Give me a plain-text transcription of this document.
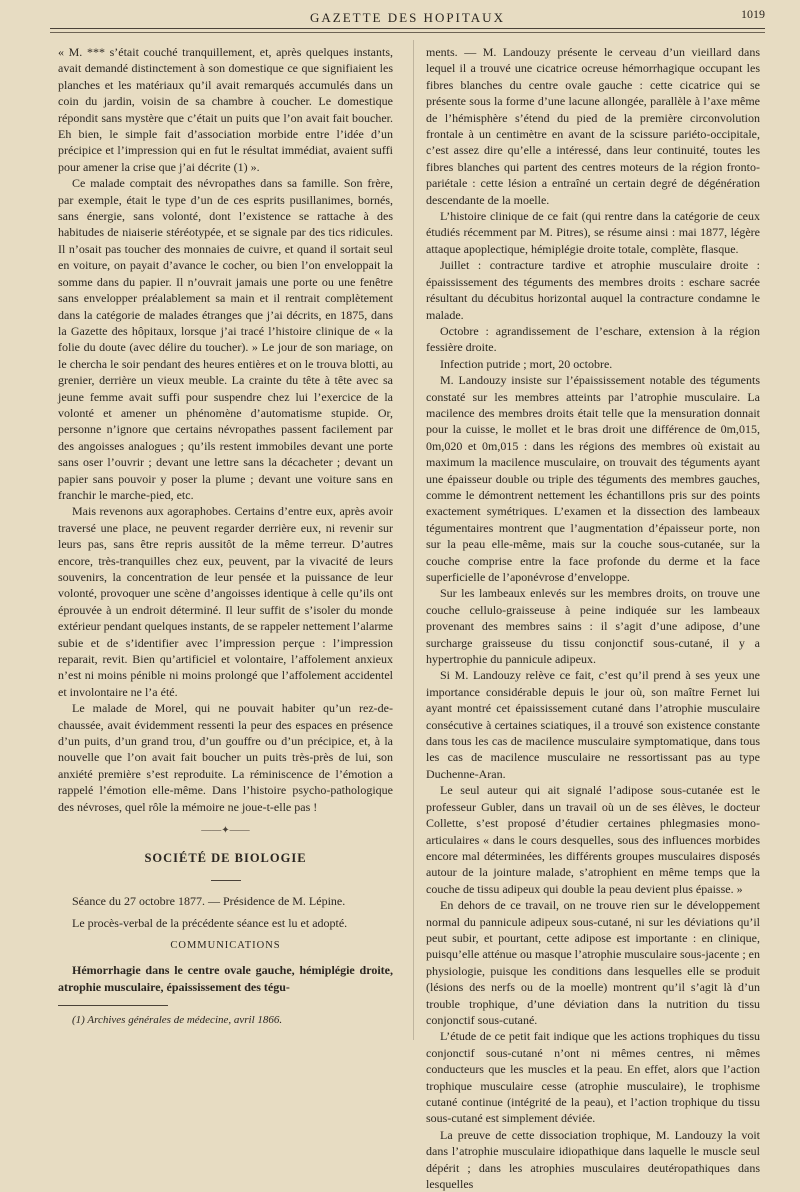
GAZETTE DES HOPITAUX	1019

« M. *** s’était couché tranquillement, et, après quelques instants, avait demandé distinctement à son domestique ce que signifiaient les planches et les matériaux qu’il avait remarqués accumulés dans un coin du jardin, voisin de sa chambre à coucher. Le domestique répondit sans mystère que c’était un puits que l’on avait fait boucher. Eh bien, le simple fait d’association morbide entre l’idée d’un précipice et l’impression qui en fut le résultat immédiat, avaient suffi pour amener la crise que j’ai décrite (1) ».

Ce malade comptait des névropathes dans sa famille. Son frère, par exemple, était le type d’un de ces esprits pusillanimes, bornés, sans énergie, sans volonté, dont l’existence se rattache à des habitudes de niaiserie stéréotypée, et se signale par des tics ridicules. Il n’osait pas toucher des monnaies de cuivre, et quand il sortait seul en voiture, on payait d’avance le cocher, ou bien l’on enveloppait la somme dans du papier. Il n’ouvrait jamais une porte ou une fenêtre sans envelopper préalablement sa main et il rentrait complètement dans la catégorie de malades étranges que j’ai décrits, en 1875, dans la Gazette des hôpitaux, lorsque j’ai tracé l’histoire clinique de « la folie du doute (avec délire du toucher). » Le jour de son mariage, on le chercha le soir pendant des heures entières et on le trouva blotti, au grenier, derrière un vieux meuble. La crainte du tête à tête avec sa jeune femme avait suffi pour suspendre chez lui l’exercice de la volonté et amener un phénomène d’automatisme stupide. Or, personne n’ignore que certains névropathes passent facilement par des angoisses analogues ; qu’ils restent immobiles devant une porte sans oser l’ouvrir ; devant une lettre sans la décacheter ; devant un papier sans pouvoir y poser la plume ; devant une voiture sans en franchir le marche-pied, etc.

Mais revenons aux agoraphobes. Certains d’entre eux, après avoir traversé une place, ne peuvent regarder derrière eux, ni revenir sur leurs pas, sans être repris aussitôt de la même terreur. D’autres encore, très-tranquilles chez eux, peuvent, par la vivacité de leurs souvenirs, la concentration de leur pensée et la puissance de leur volonté, provoquer une scène d’angoisses identique à celle qu’ils ont éprouvée à un endroit déterminé. Il leur suffit de s’isoler du monde extérieur pendant quelques instants, de se rappeler nettement l’alarme subie et de s’identifier avec l’impression perçue : l’impression reparait, revit. Bien qu’artificiel et volontaire, l’affolement anxieux n’est ni moins pénible ni moins prolongé que l’affolement accidentel et involontaire ne l’a été.

Le malade de Morel, qui ne pouvait habiter qu’un rez-de-chaussée, avait évidemment ressenti la peur des espaces en présence d’un puits, d’un grand trou, d’un gouffre ou d’un précipice, et, à la nouvelle que l’on avait fait boucher un puits très-près de lui, son anxiété première s’est reproduite. La réminiscence de l’émotion a rappelé l’émotion elle-même. Dans l’histoire psycho-pathologique des névroses, quel rôle la mémoire ne joue-t-elle pas !

——✦——
SOCIÉTÉ DE BIOLOGIE

Séance du 27 octobre 1877. — Présidence de M. Lépine.

Le procès-verbal de la précédente séance est lu et adopté.

COMMUNICATIONS

Hémorrhagie dans le centre ovale gauche, hémiplégie droite, atrophie musculaire, épaississement des tégu-

(1) Archives générales de médecine, avril 1866.

ments. — M. Landouzy présente le cerveau d’un vieillard dans lequel il a trouvé une cicatrice ocreuse hémorrhagique occupant les fibres blanches du centre ovale gauche : cette cicatrice qui se présente sous la forme d’une lacune allongée, parallèle à l’axe même de l’hémisphère s’étend du pied de la première circonvolution frontale à un centimètre en avant de la scissure pariéto-occipitale, c’est assez dire qu’elle a intéressé, dans leur continuité, toutes les fibres blanches qui partent des centres moteurs de la région fronto-pariétale : cette lésion a entraîné un certain degré de dégénération descendante de la moelle.

L’histoire clinique de ce fait (qui rentre dans la catégorie de ceux étudiés récemment par M. Pitres), se résume ainsi : mai 1877, légère attaque apoplectique, hémiplégie droite totale, complète, flasque.

Juillet : contracture tardive et atrophie musculaire droite : épaississement des téguments des membres droits : eschare sacrée résultant du décubitus horizontal auquel la contracture condamne le malade.

Octobre : agrandissement de l’eschare, extension à la région fessière droite.

Infection putride ; mort, 20 octobre.

M. Landouzy insiste sur l’épaississement notable des téguments constaté sur les membres atteints par l’atrophie musculaire. La macilence des membres droits était telle que la mensuration donnait pour la cuisse, le mollet et le bras droit une différence de 0m,015, 0m,020 et 0m,015 : dans les régions des membres où existait au maximum la macilence musculaire, on trouvait des téguments ayant une épaisseur double ou triple des téguments des membres gauches, comme le démontrent nettement les échantillons pris sur des points exactement symétriques. L’examen et la dissection des lambeaux tégumentaires montrent que l’augmentation d’épaisseur porte, non sur la peau elle-même, mais sur la couche sous-cutanée, sur la couche comprise entre la face profonde du derme et la face superficielle de l’aponévrose d’enveloppe.

Sur les lambeaux enlevés sur les membres droits, on trouve une couche cellulo-graisseuse à peine indiquée sur les lambeaux provenant des membres sains : il s’agit d’une adipose, d’une surcharge graisseuse du tissu conjonctif sous-cutané, il y a hypertrophie du pannicule adipeux.

Si M. Landouzy relève ce fait, c’est qu’il prend à ses yeux une importance considérable depuis le jour où, son maître Fernet lui ayant montré cet épaississement cutané dans l’atrophie musculaire consécutive à certaines sciatiques, il a trouvé son existence constante dans tous les cas de macilence musculaire symptomatique, dans tous les cas de macilence musculaire ne ressortissant pas au type Duchenne-Aran.

Le seul auteur qui ait signalé l’adipose sous-cutanée est le professeur Gubler, dans un travail où un de ses élèves, le docteur Collette, s’est proposé d’étudier certaines phlegmasies mono-articulaires « dans le cours desquelles, sous des influences morbides encore mal déterminées, les différents groupes musculaires disposés autour de la jointure malade, s’atrophient en même temps que la couche de tissu adipeux qui double la peau devient plus épaisse. »

En dehors de ce travail, on ne trouve rien sur le développement normal du pannicule adipeux sous-cutané, ni sur les déviations qu’il peut subir, et pourtant, cette adipose est importante : en clinique, puisqu’elle atténue ou masque l’atrophie musculaire sous-jacente ; en physiologie, puisque les conditions dans lesquelles elle se produit (lésions des nerfs ou de la moelle) montrent qu’il s’agit là d’un trouble trophique, d’une déviation dans la nutrition du tissu conjonctif sous-cutané.

L’étude de ce petit fait indique que les actions trophiques du tissu conjonctif sous-cutané n’ont ni mêmes centres, ni mêmes conducteurs que les muscles et la peau. En effet, alors que l’action trophique musculaire cesse (atrophie musculaire), le trophisme cutané continue (intégrité de la peau), et l’action trophique du tissu sous-cutané est simplement déviée.

La preuve de cette dissociation trophique, M. Landouzy la voit dans l’atrophie musculaire idiopathique dans laquelle le muscle seul dépérit ; dans les atrophies musculaires deutéropathiques dans lesquelles
